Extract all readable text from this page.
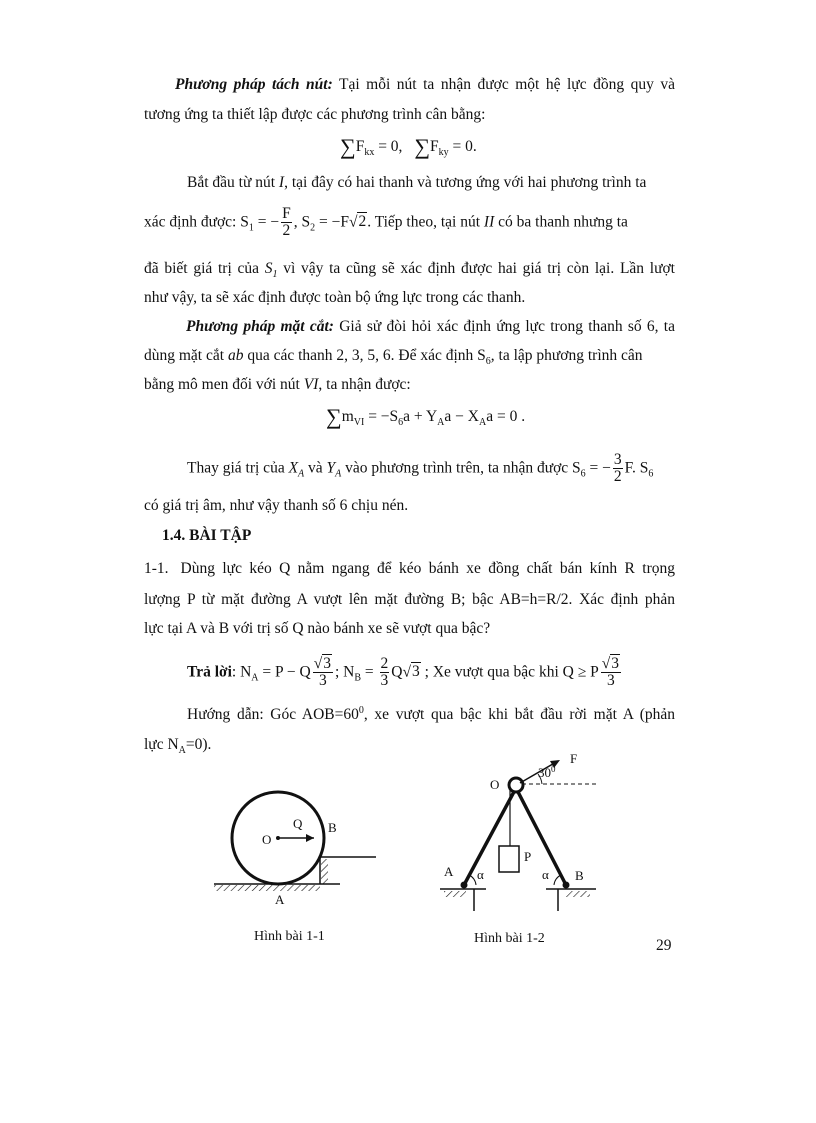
Phương pháp tách nút: Tại mỗi nút ta nhận được một hệ lực đồng quy và
tương ứng ta thiết lập được các phương trình cân bằng:
$\sum F_{kx} = 0$, $\sum F_{ky} = 0$.
Bắt đầu từ nút I, tại đây có hai thanh và tương ứng với hai phương trình ta
xác định được: $S_1$ = − $\frac{F}{2}$ , $S_2 = -F√2$. Tiếp theo, tại nút II có ba thanh nhưng ta
đã biết giá trị của $S_1$ vì vậy ta cũng sẽ xác định được hai giá trị còn lại. Lần lượt
như vậy, ta sẽ xác định được toàn bộ ứng lực trong các thanh.
Phương pháp mặt cắt: Giả sử đòi hỏi xác định ứng lực trong thanh số 6, ta
dùng mặt cắt ab qua các thanh 2, 3, 5, 6. Để xác định $S_6$, ta lập phương trình cân
bằng mô men đối với nút VI, ta nhận được:
$\sum m_{VI} = -S_6a + Y_Aa - X_Aa = 0$ .
Thay giá trị của $X_A$ và $Y_A$ vào phương trình trên, ta nhận được $S_6$ = − $\frac{3}{2} F$. $S_6$
có giá trị âm, như vậy thanh số 6 chịu nén.
1.4. BÀI TẬP
1-1. Dùng lực kéo Q nằm ngang để kéo bánh xe đồng chất bán kính R trọng
lượng P từ mặt đường A vượt lên mặt đường B; bậc AB=h=R/2. Xác định phản
lực tại A và B với trị số Q nào bánh xe sẽ vượt qua bậc?
Trả lời: $N_A = P - Q \frac{√3}{3}$ ; $N_B = \frac{2}{3} Q√3$ ; Xe vượt qua bậc khi Q ≥ P $\frac{√3}{3}$
Hướng dẫn: Góc $AOB=60^0$, xe vượt qua bậc khi bắt đầu rời mặt A (phản
lực $N_A=0$).
O
Q B
A
Hình bài 1-1
F
O
$30^0$
P
A	B
α	α
Hình bài 1-2	29
